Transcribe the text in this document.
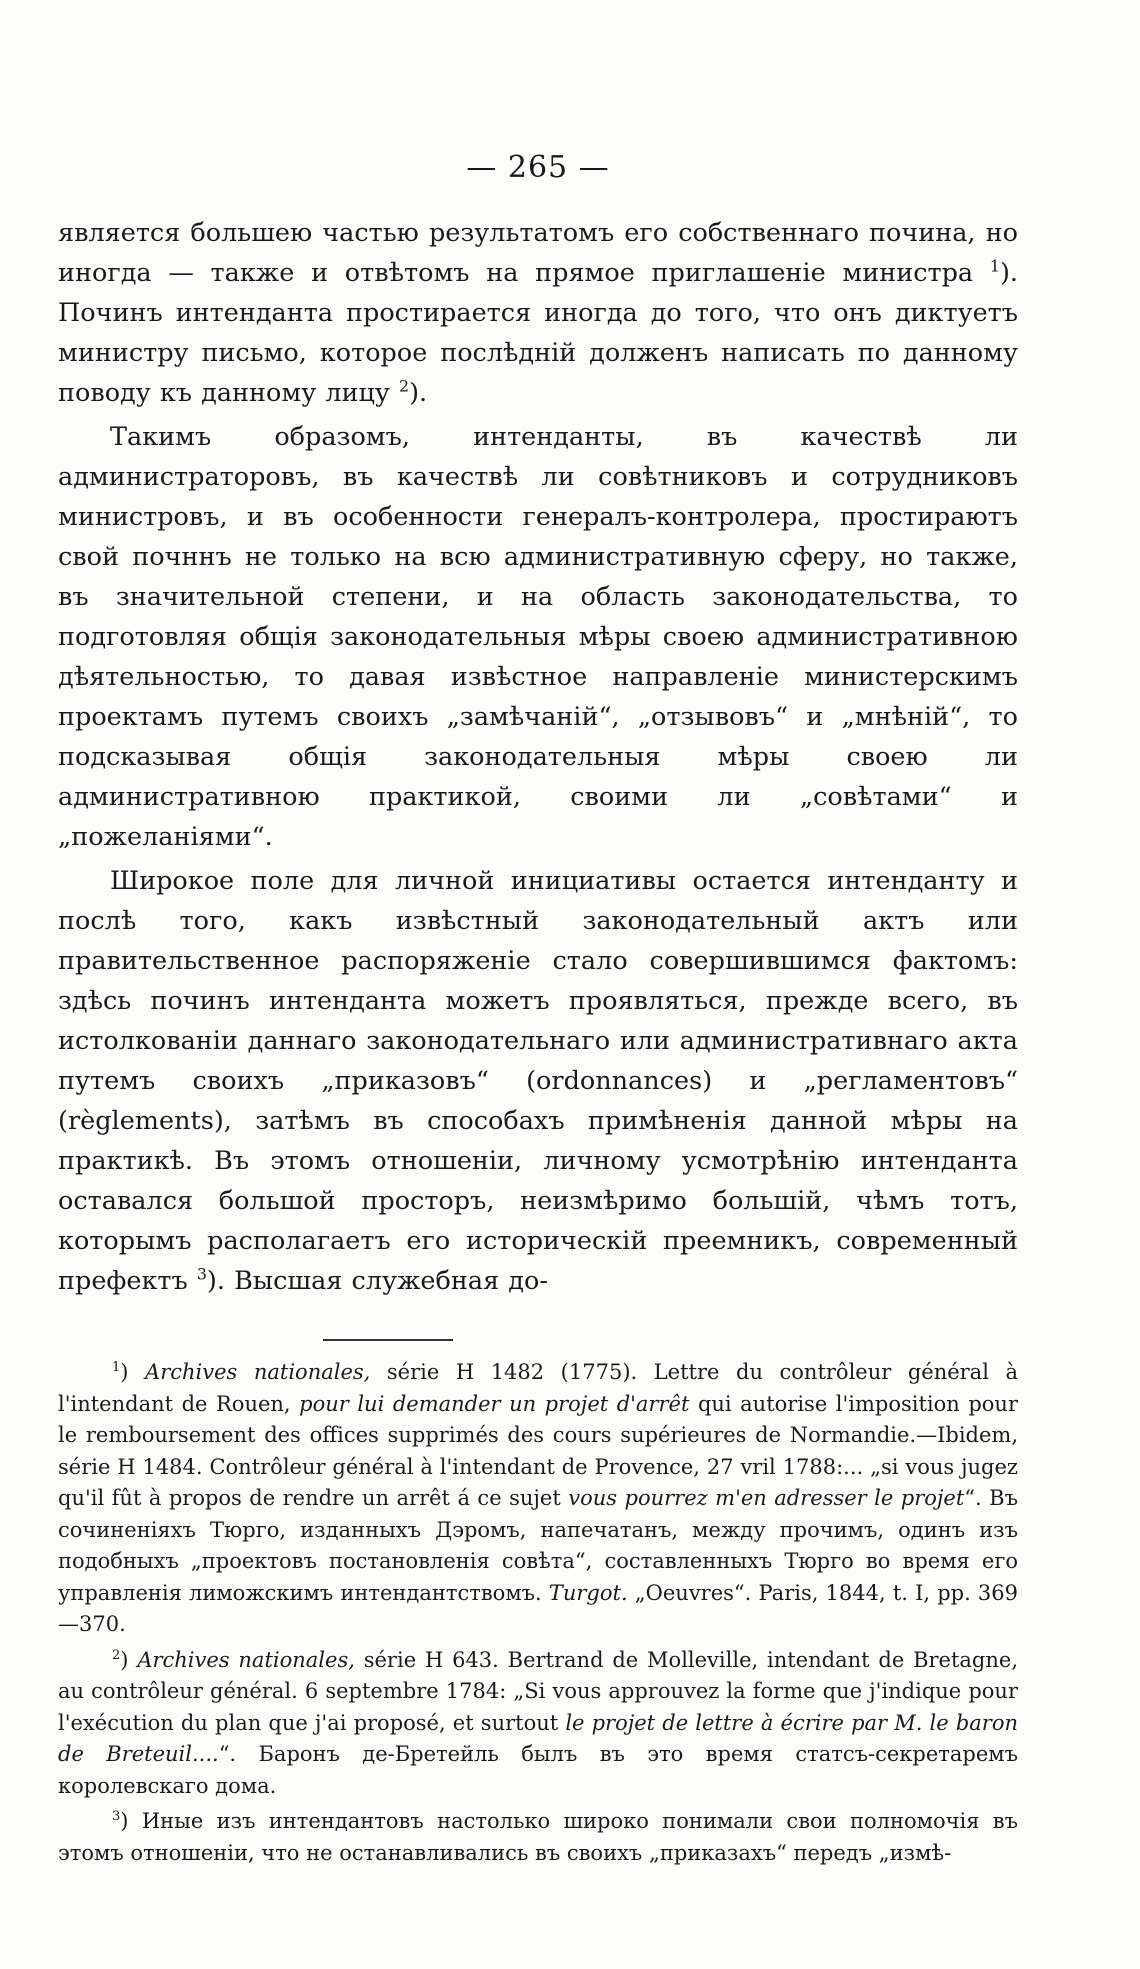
— 265 —

является большею частью результатомъ его собственнаго почина, но иногда — также и отвѣтомъ на прямое приглашеніе министра $^1$). Починъ интенданта простирается иногда до того, что онъ диктуетъ министру письмо, которое послѣдній долженъ написать по данному поводу къ данному лицу $^2$).

Такимъ образомъ, интенданты, въ качествѣ ли администраторовъ, въ качествѣ ли совѣтниковъ и сотрудниковъ министровъ, и въ особенности генералъ-контролера, простираютъ свой почннъ не только на всю административную сферу, но также, въ значительной степени, и на область законодательства, то подготовляя общія законодательныя мѣры своею административною дѣятельностью, то давая извѣстное направленіе министерскимъ проектамъ путемъ своихъ „замѣчаній“, „отзывовъ“ и „мнѣній“, то подсказывая общія законодательныя мѣры своею ли административною практикой, своими ли „совѣтами“ и „пожеланіями“.

Широкое поле для личной инициативы остается интенданту и послѣ того, какъ извѣстный законодательный актъ или правительственное распоряженіе стало совершившимся фактомъ: здѣсь починъ интенданта можетъ проявляться, прежде всего, въ истолкованіи даннаго законодательнаго или административнаго акта путемъ своихъ „приказовъ“ (ordonnances) и „регламентовъ“ (règlements), затѣмъ въ способахъ примѣненія данной мѣры на практикѣ. Въ этомъ отношеніи, личному усмотрѣнію интенданта оставался большой просторъ, неизмѣримо большій, чѣмъ тотъ, которымъ располагаетъ его историческій преемникъ, современный префектъ $^3$). Высшая служебная до-

$^1$) Archives nationales, série H 1482 (1775). Lettre du contrôleur général à l'intendant de Rouen, pour lui demander un projet d'arrêt qui autorise l'imposition pour le remboursement des offices supprimés des cours supérieures de Normandie.—Ibidem, série H 1484. Contrôleur général à l'intendant de Provence, 27 vril 1788:... „si vous jugez qu'il fût à propos de rendre un arrêt á ce sujet vous pourrez m'en adresser le projet“. Въ сочиненіяхъ Тюрго, изданныхъ Дэромъ, напечатанъ, между прочимъ, одинъ изъ подобныхъ „проектовъ постановленія совѣта“, составленныхъ Тюрго во время его управленія лиможскимъ интендантствомъ. Turgot. „Oeuvres“. Paris, 1844, t. I, pp. 369—370.

$^2$) Archives nationales, série H 643. Bertrand de Molleville, intendant de Bretagne, au contrôleur général. 6 septembre 1784: „Si vous approuvez la forme que j'indique pour l'exécution du plan que j'ai proposé, et surtout le projet de lettre à écrire par M. le baron de Breteuil....“. Баронъ де-Бретейль былъ въ это время статсъ-секретаремъ королевскаго дома.

$^3$) Иные изъ интендантовъ настолько широко понимали свои полномочія въ этомъ отношеніи, что не останавливались въ своихъ „приказахъ“ передъ „измѣ-
